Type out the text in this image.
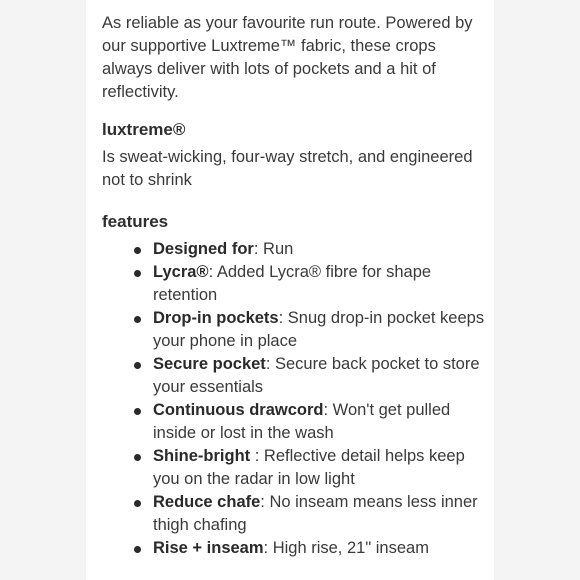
As reliable as your favourite run route. Powered by our supportive Luxtreme™ fabric, these crops always deliver with lots of pockets and a hit of reflectivity.

luxtreme®

Is sweat-wicking, four-way stretch, and engineered not to shrink

features
Designed for: Run
Lycra®: Added Lycra® fibre for shape retention
Drop-in pockets: Snug drop-in pocket keeps your phone in place
Secure pocket: Secure back pocket to store your essentials
Continuous drawcord: Won't get pulled inside or lost in the wash
Shine-bright : Reflective detail helps keep you on the radar in low light
Reduce chafe: No inseam means less inner thigh chafing
Rise + inseam: High rise, 21" inseam
